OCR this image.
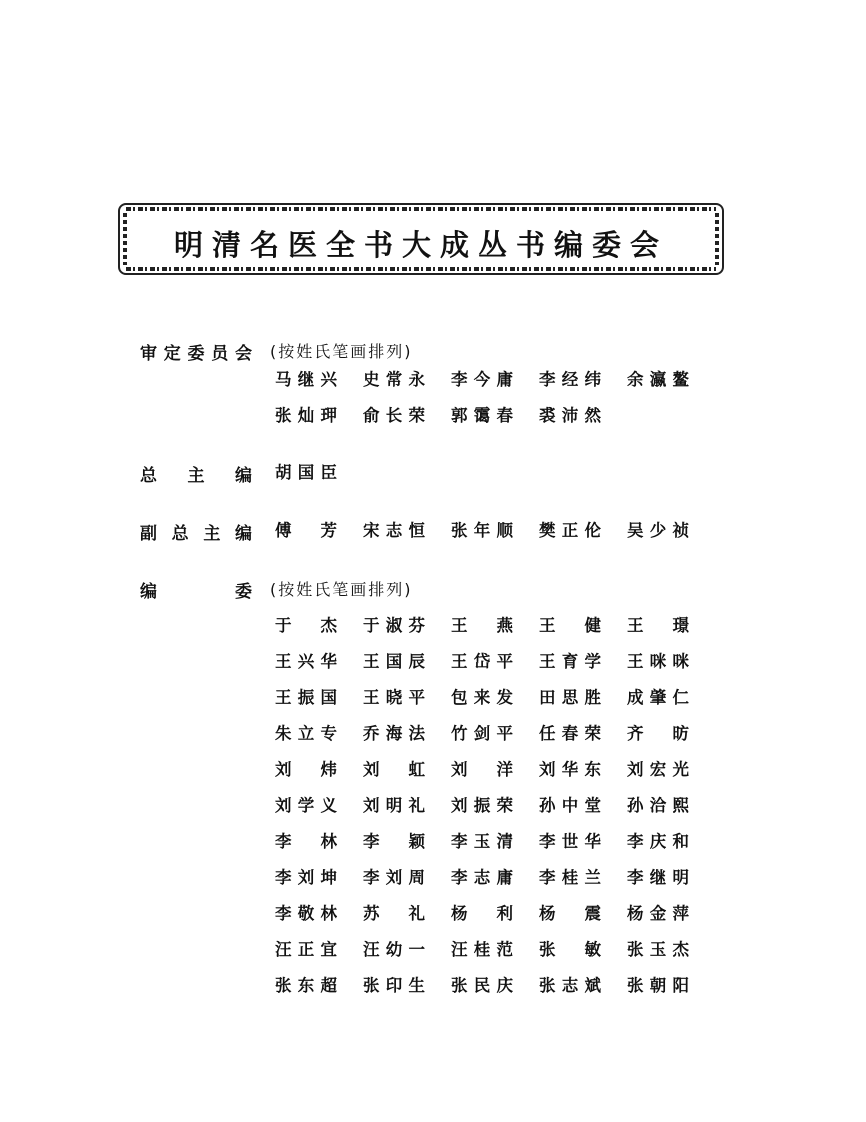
明清名医全书大成丛书编委会
审定委员会 (按姓氏笔画排列)
马继兴 史常永 李今庸 李经纬 余瀛鳌
张灿玾 俞长荣 郭霭春 裘沛然
总主编 胡国臣
副总主编 傅芳 宋志恒 张年顺 樊正伦 吴少祯
编委 (按姓氏笔画排列)
于杰 于淑芬 王燕 王健 王璟
王兴华 王国辰 王岱平 王育学 王咪咪
王振国 王晓平 包来发 田思胜 成肇仁
朱立专 乔海法 竹剑平 任春荣 齐昉
刘炜 刘虹 刘洋 刘华东 刘宏光
刘学义 刘明礼 刘振荣 孙中堂 孙洽熙
李林 李颖 李玉清 李世华 李庆和
李刘坤 李刘周 李志庸 李桂兰 李继明
李敬林 苏礼 杨利 杨震 杨金萍
汪正宜 汪幼一 汪桂范 张敏 张玉杰
张东超 张印生 张民庆 张志斌 张朝阳
